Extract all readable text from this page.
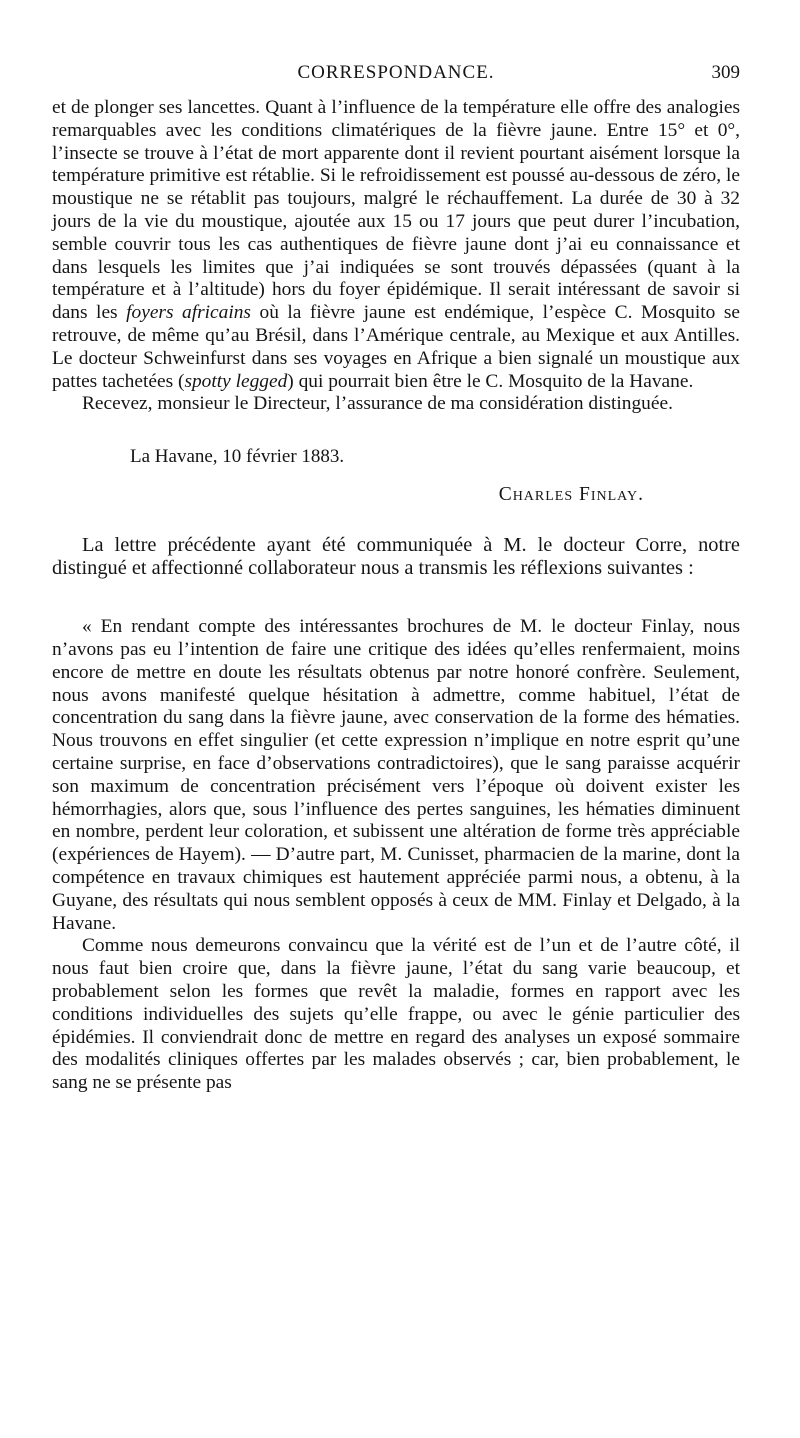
CORRESPONDANCE.	309

et de plonger ses lancettes. Quant à l’influence de la température elle offre des analogies remarquables avec les conditions climatériques de la fièvre jaune. Entre 15° et 0°, l’insecte se trouve à l’état de mort apparente dont il revient pourtant aisément lorsque la température primitive est rétablie. Si le refroidissement est poussé au-dessous de zéro, le moustique ne se rétablit pas toujours, malgré le réchauffement. La durée de 30 à 32 jours de la vie du moustique, ajoutée aux 15 ou 17 jours que peut durer l’incubation, semble couvrir tous les cas authentiques de fièvre jaune dont j’ai eu connaissance et dans lesquels les limites que j’ai indiquées se sont trouvés dépassées (quant à la température et à l’altitude) hors du foyer épidémique. Il serait intéressant de savoir si dans les foyers africains où la fièvre jaune est endémique, l’espèce C. Mosquito se retrouve, de même qu’au Brésil, dans l’Amérique centrale, au Mexique et aux Antilles. Le docteur Schweinfurst dans ses voyages en Afrique a bien signalé un moustique aux pattes tachetées (spotty legged) qui pourrait bien être le C. Mosquito de la Havane.

Recevez, monsieur le Directeur, l’assurance de ma considération distinguée.

La Havane, 10 février 1883.
Charles Finlay.

La lettre précédente ayant été communiquée à M. le docteur Corre, notre distingué et affectionné collaborateur nous a transmis les réflexions suivantes :

« En rendant compte des intéressantes brochures de M. le docteur Finlay, nous n’avons pas eu l’intention de faire une critique des idées qu’elles renfermaient, moins encore de mettre en doute les résultats obtenus par notre honoré confrère. Seulement, nous avons manifesté quelque hésitation à admettre, comme habituel, l’état de concentration du sang dans la fièvre jaune, avec conservation de la forme des hématies. Nous trouvons en effet singulier (et cette expression n’implique en notre esprit qu’une certaine surprise, en face d’observations contradictoires), que le sang paraisse acquérir son maximum de concentration précisément vers l’époque où doivent exister les hémorrhagies, alors que, sous l’influence des pertes sanguines, les hématies diminuent en nombre, perdent leur coloration, et subissent une altération de forme très appréciable (expériences de Hayem). — D’autre part, M. Cunisset, pharmacien de la marine, dont la compétence en travaux chimiques est hautement appréciée parmi nous, a obtenu, à la Guyane, des résultats qui nous semblent opposés à ceux de MM. Finlay et Delgado, à la Havane.

Comme nous demeurons convaincu que la vérité est de l’un et de l’autre côté, il nous faut bien croire que, dans la fièvre jaune, l’état du sang varie beaucoup, et probablement selon les formes que revêt la maladie, formes en rapport avec les conditions individuelles des sujets qu’elle frappe, ou avec le génie particulier des épidémies. Il conviendrait donc de mettre en regard des analyses un exposé sommaire des modalités cliniques offertes par les malades observés ; car, bien probablement, le sang ne se présente pas
